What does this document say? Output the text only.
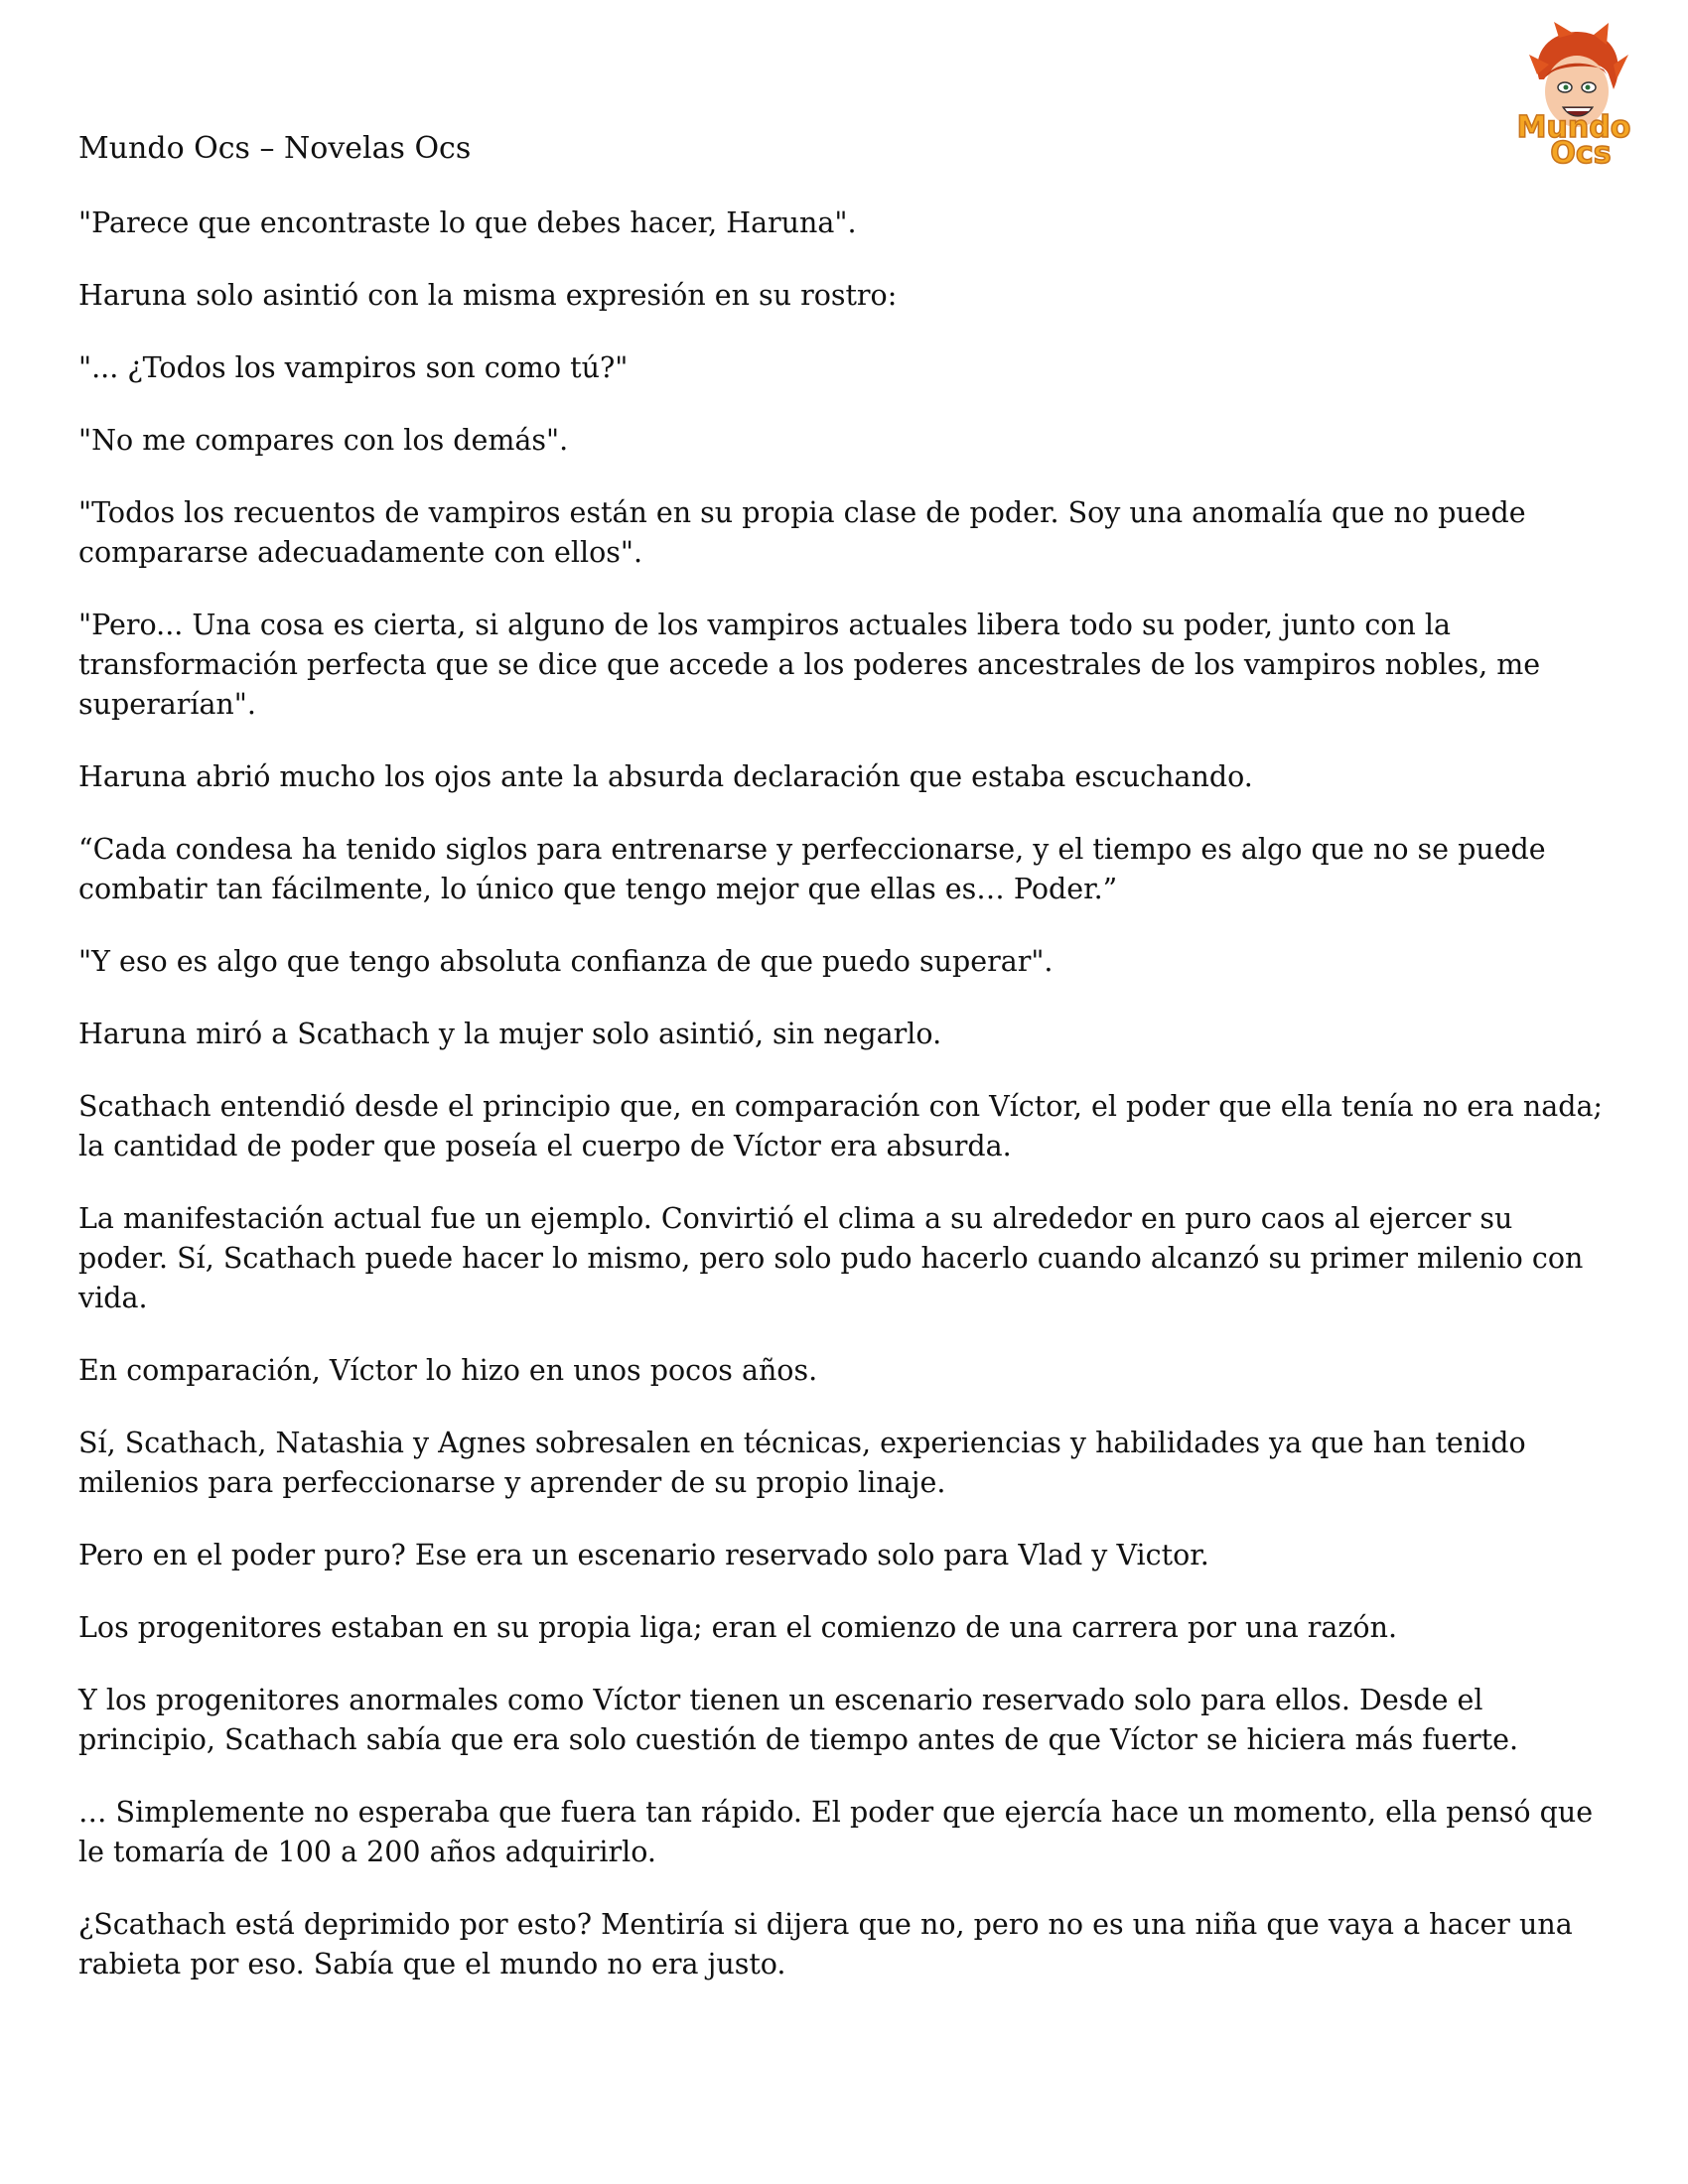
Mundo Ocs – Novelas Ocs
Mundo
Ocs

"Parece que encontraste lo que debes hacer, Haruna".

Haruna solo asintió con la misma expresión en su rostro:

"... ¿Todos los vampiros son como tú?"

"No me compares con los demás".

"Todos los recuentos de vampiros están en su propia clase de poder. Soy una anomalía que no puede compararse adecuadamente con ellos".

"Pero... Una cosa es cierta, si alguno de los vampiros actuales libera todo su poder, junto con la transformación perfecta que se dice que accede a los poderes ancestrales de los vampiros nobles, me superarían".

Haruna abrió mucho los ojos ante la absurda declaración que estaba escuchando.

“Cada condesa ha tenido siglos para entrenarse y perfeccionarse, y el tiempo es algo que no se puede combatir tan fácilmente, lo único que tengo mejor que ellas es… Poder.”

"Y eso es algo que tengo absoluta confianza de que puedo superar".

Haruna miró a Scathach y la mujer solo asintió, sin negarlo.

Scathach entendió desde el principio que, en comparación con Víctor, el poder que ella tenía no era nada; la cantidad de poder que poseía el cuerpo de Víctor era absurda.

La manifestación actual fue un ejemplo. Convirtió el clima a su alrededor en puro caos al ejercer su poder. Sí, Scathach puede hacer lo mismo, pero solo pudo hacerlo cuando alcanzó su primer milenio con vida.

En comparación, Víctor lo hizo en unos pocos años.

Sí, Scathach, Natashia y Agnes sobresalen en técnicas, experiencias y habilidades ya que han tenido milenios para perfeccionarse y aprender de su propio linaje.

Pero en el poder puro? Ese era un escenario reservado solo para Vlad y Victor.

Los progenitores estaban en su propia liga; eran el comienzo de una carrera por una razón.

Y los progenitores anormales como Víctor tienen un escenario reservado solo para ellos. Desde el principio, Scathach sabía que era solo cuestión de tiempo antes de que Víctor se hiciera más fuerte.

… Simplemente no esperaba que fuera tan rápido. El poder que ejercía hace un momento, ella pensó que le tomaría de 100 a 200 años adquirirlo.

¿Scathach está deprimido por esto? Mentiría si dijera que no, pero no es una niña que vaya a hacer una rabieta por eso. Sabía que el mundo no era justo.
